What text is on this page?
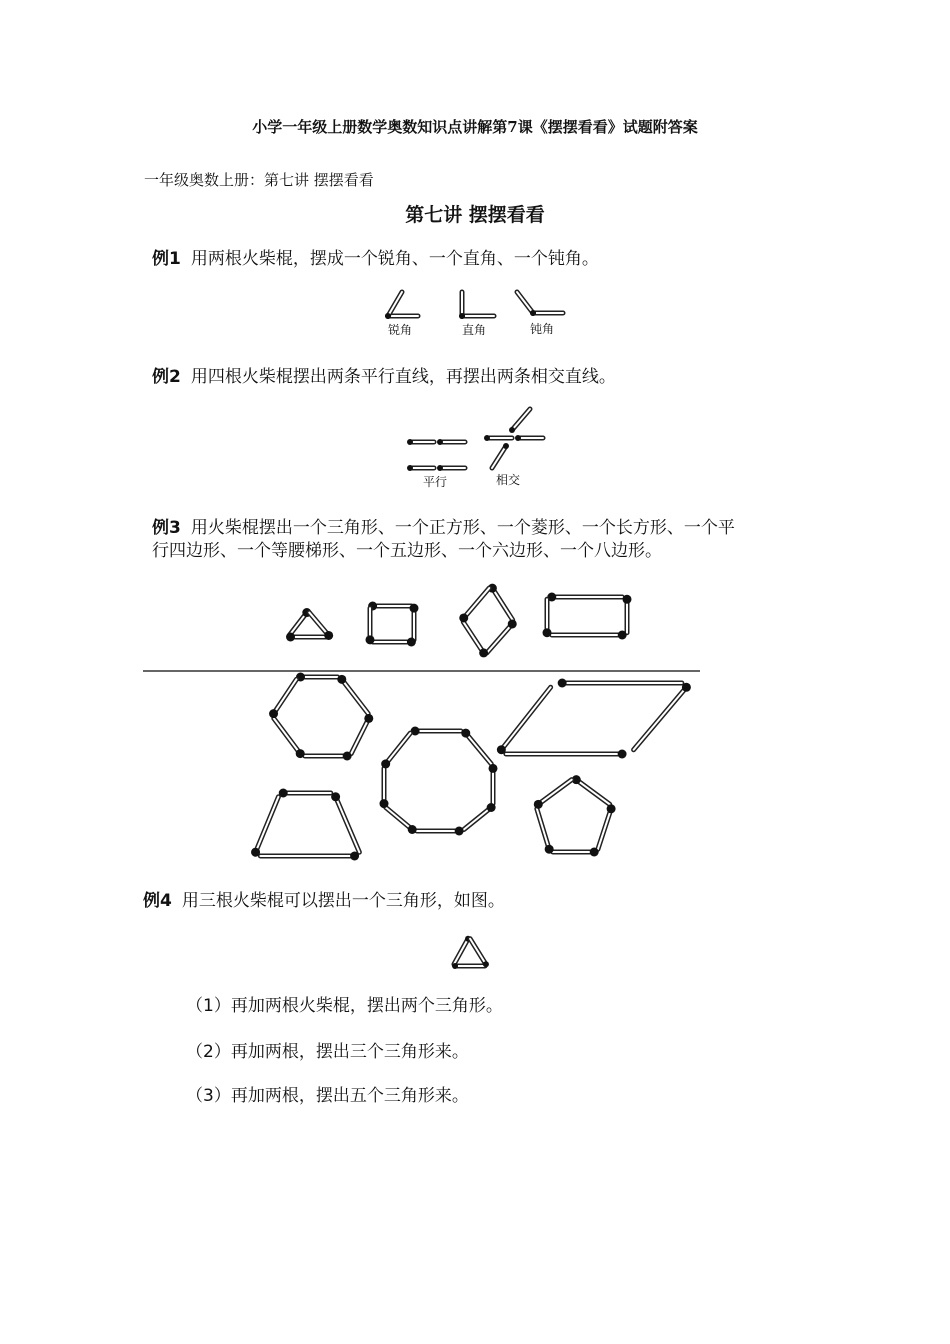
小学一年级上册数学奥数知识点讲解第7课《摆摆看看》试题附答案
一年级奥数上册：第七讲 摆摆看看
第七讲 摆摆看看
例1 用两根火柴棍，摆成一个锐角、一个直角、一个钝角。
例2 用四根火柴棍摆出两条平行直线，再摆出两条相交直线。
例3 用火柴棍摆出一个三角形、一个正方形、一个菱形、一个长方形、一个平
行四边形、一个等腰梯形、一个五边形、一个六边形、一个八边形。
例4 用三根火柴棍可以摆出一个三角形，如图。
（1）再加两根火柴棍，摆出两个三角形。
（2）再加两根，摆出三个三角形来。
（3）再加两根，摆出五个三角形来。
锐角	直角	钝角
平行	相交
